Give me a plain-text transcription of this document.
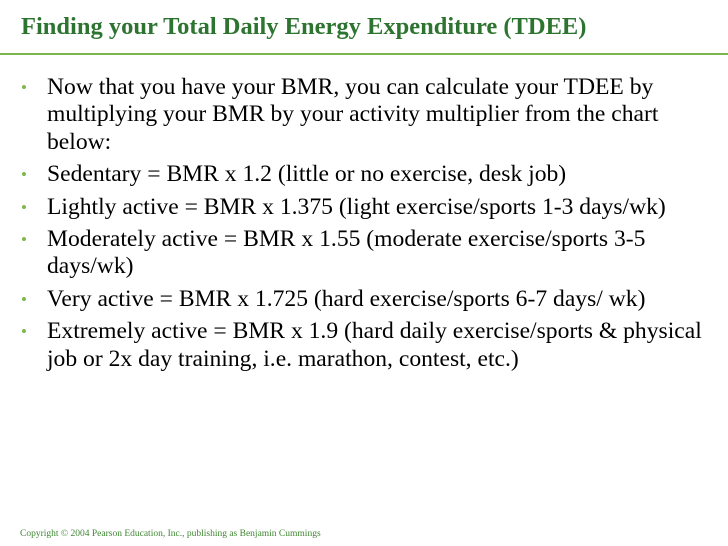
Finding your Total Daily Energy Expenditure (TDEE)
• Now that you have your BMR, you can calculate your TDEE by multiplying your BMR by your activity multiplier from the chart below:
• Sedentary = BMR x 1.2 (little or no exercise, desk job)
• Lightly active = BMR x 1.375 (light exercise/sports 1-3 days/wk)
• Moderately active = BMR x 1.55 (moderate exercise/sports 3-5 days/wk)
• Very active = BMR x 1.725 (hard exercise/sports 6-7 days/ wk)
• Extremely active = BMR x 1.9 (hard daily exercise/sports & physical job or 2x day training, i.e. marathon, contest, etc.)
Copyright © 2004 Pearson Education, Inc., publishing as Benjamin Cummings
